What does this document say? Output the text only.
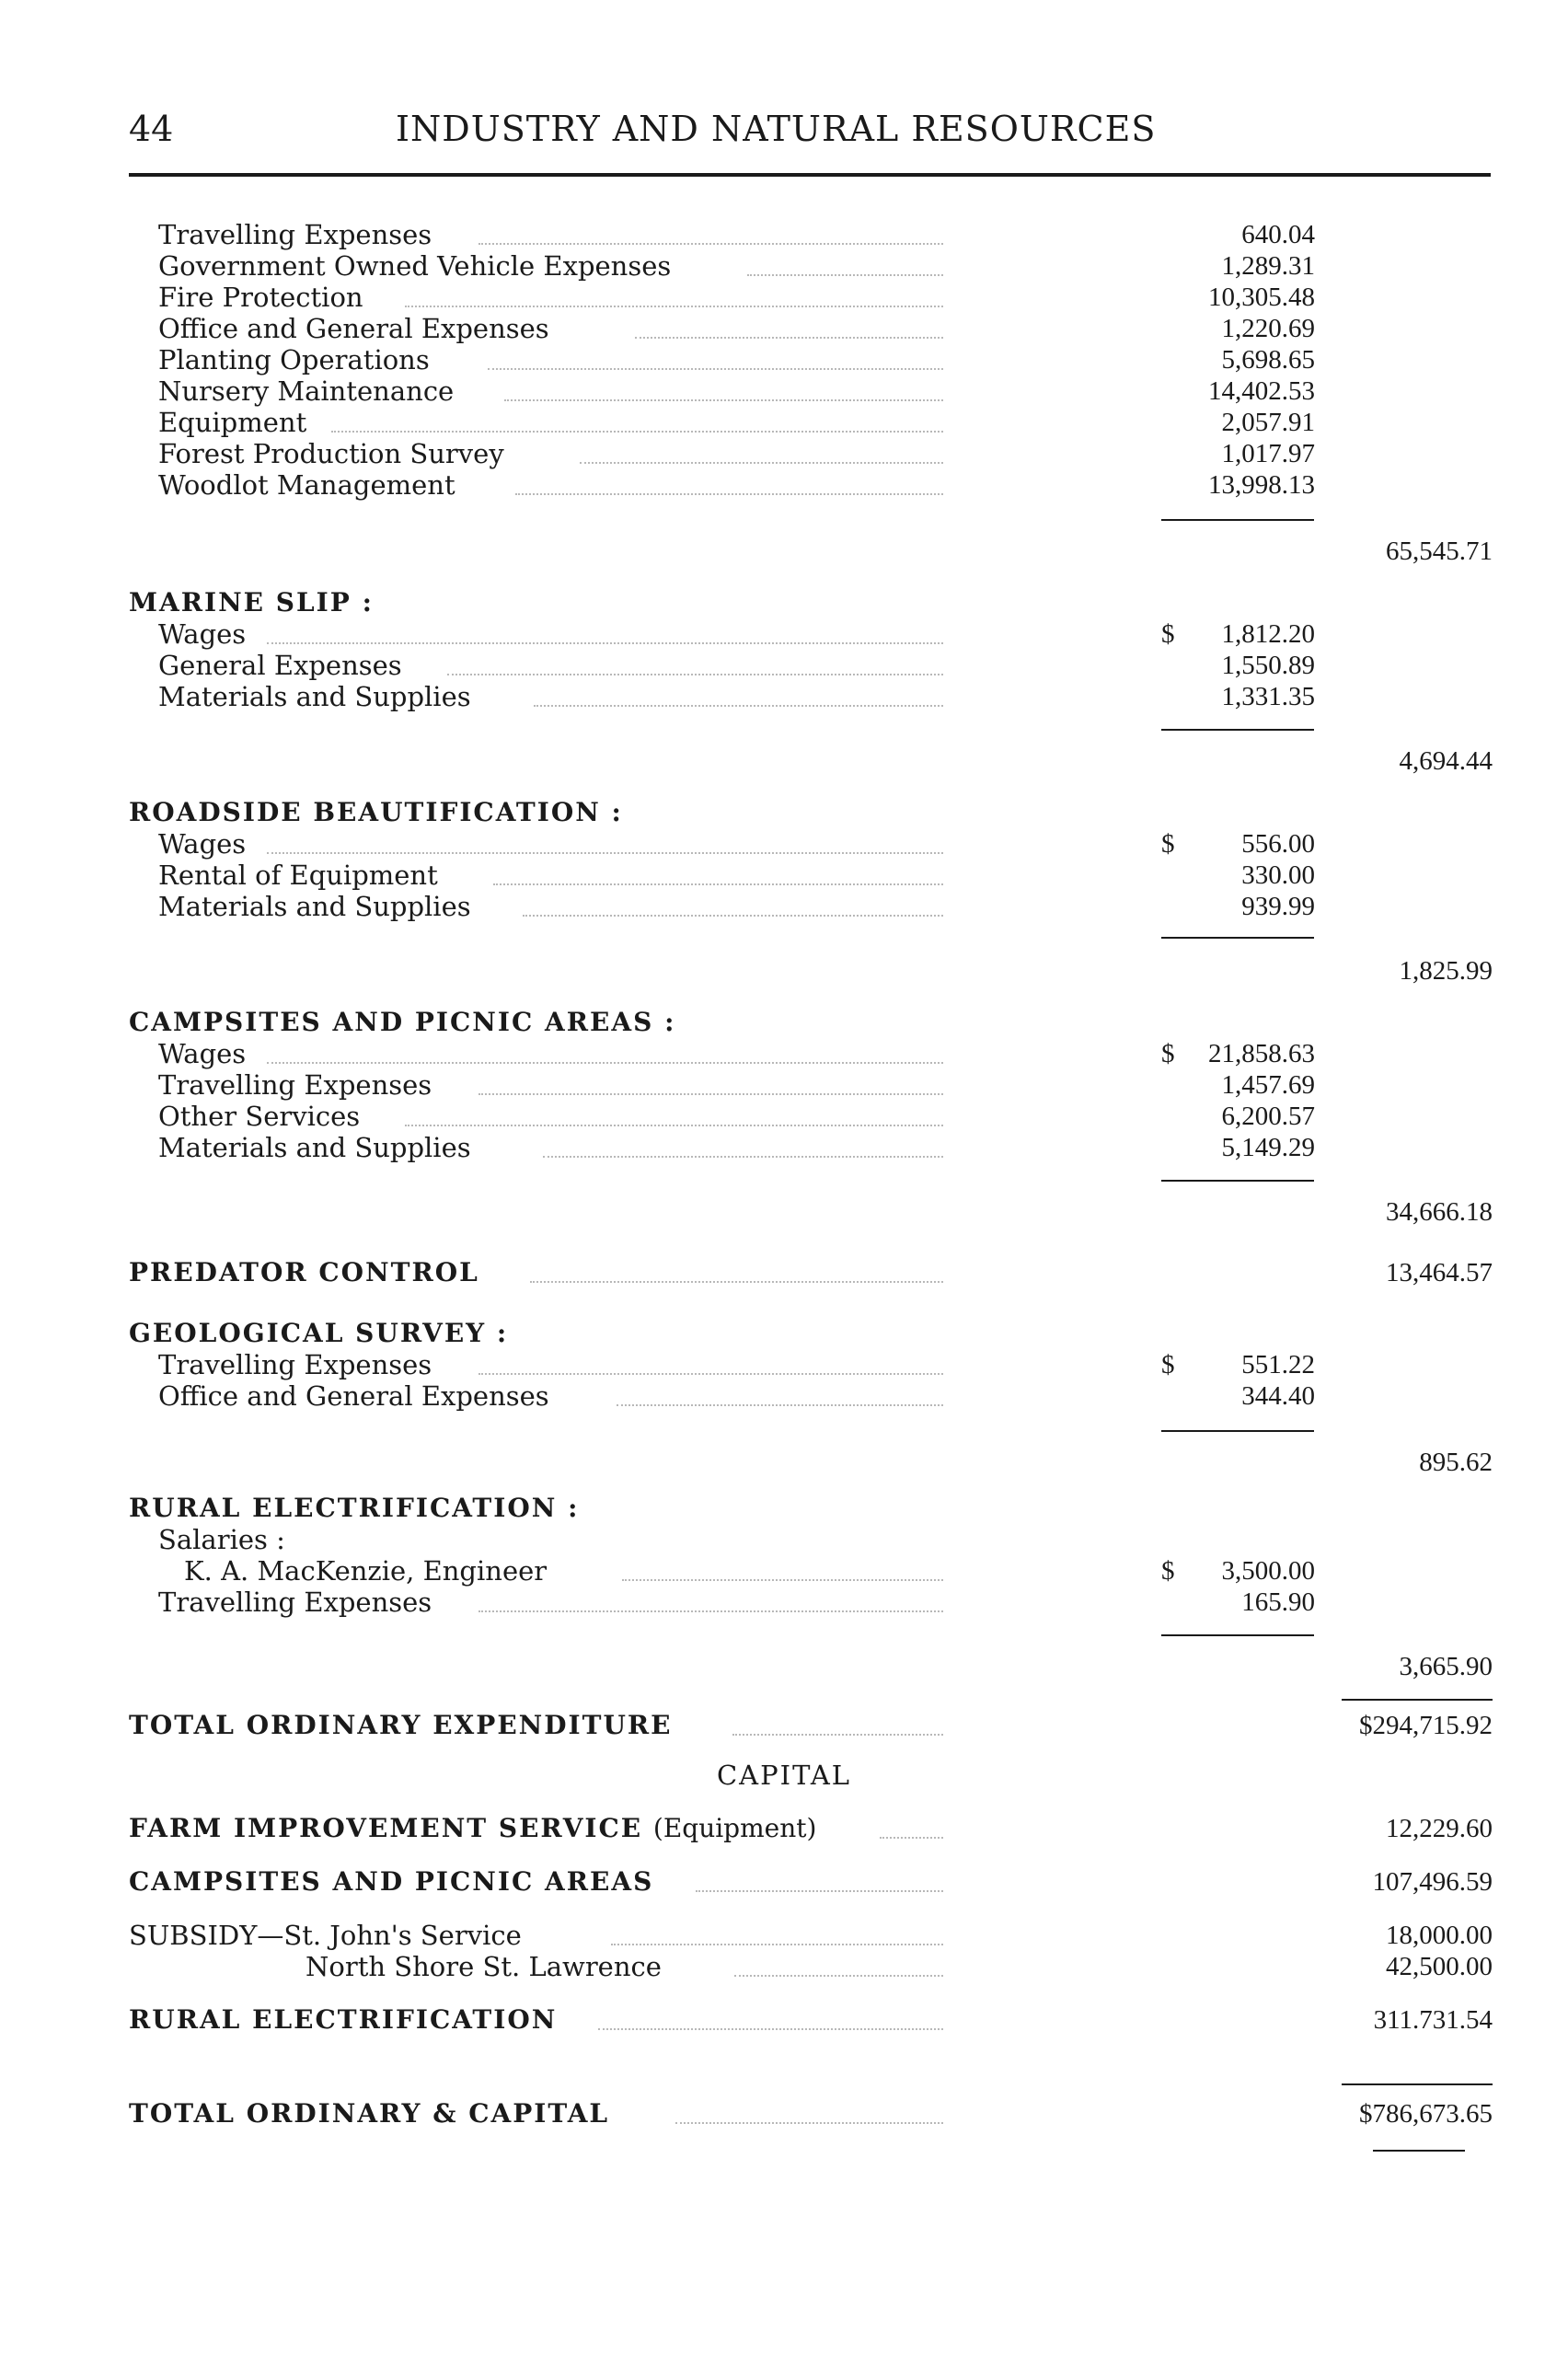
44	INDUSTRY AND NATURAL RESOURCES
Travelling Expenses	640.04
Government Owned Vehicle Expenses	1,289.31
Fire Protection	10,305.48
Office and General Expenses	1,220.69
Planting Operations	5,698.65
Nursery Maintenance	14,402.53
Equipment	2,057.91
Forest Production Survey	1,017.97
Woodlot Management	13,998.13
65,545.71
MARINE SLIP :
Wages	$	1,812.20
General Expenses	1,550.89
Materials and Supplies	1,331.35
4,694.44
ROADSIDE BEAUTIFICATION :
Wages	$	556.00
Rental of Equipment	330.00
Materials and Supplies	939.99
1,825.99
CAMPSITES AND PICNIC AREAS :
Wages	$	21,858.63
Travelling Expenses	1,457.69
Other Services	6,200.57
Materials and Supplies	5,149.29
34,666.18
PREDATOR CONTROL	13,464.57
GEOLOGICAL SURVEY :
Travelling Expenses	$	551.22
Office and General Expenses	344.40
895.62
RURAL ELECTRIFICATION :
Salaries :
K. A. MacKenzie, Engineer	$	3,500.00
Travelling Expenses	165.90
3,665.90
TOTAL ORDINARY EXPENDITURE	$294,715.92
CAPITAL
FARM IMPROVEMENT SERVICE (Equipment)	12,229.60
CAMPSITES AND PICNIC AREAS	107,496.59
SUBSIDY—St. John's Service	18,000.00
North Shore St. Lawrence	42,500.00
RURAL ELECTRIFICATION	311.731.54
TOTAL ORDINARY & CAPITAL	$786,673.65
